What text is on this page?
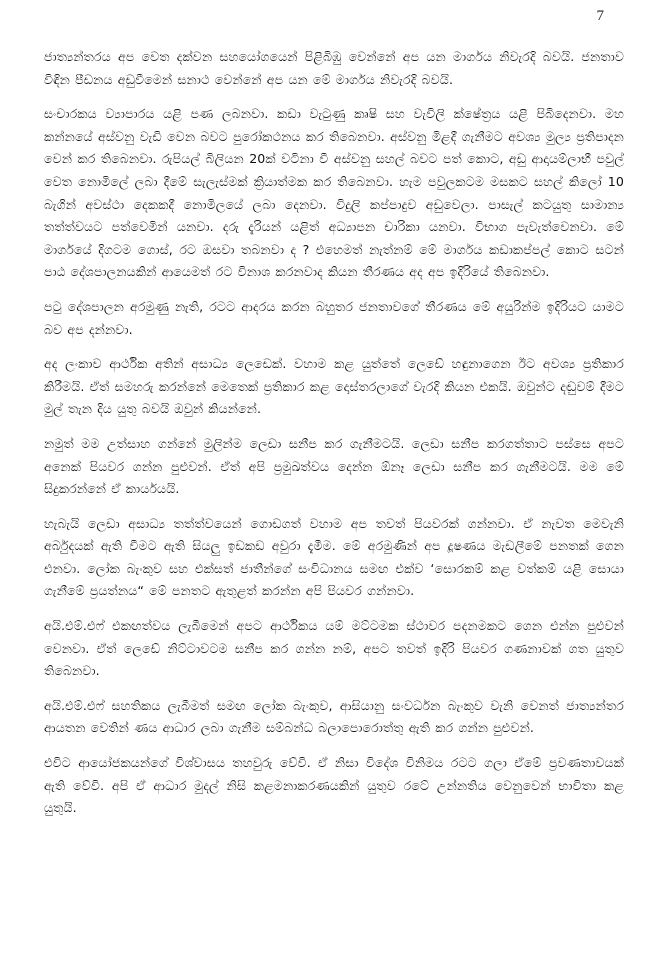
7

ජාත්‍යන්තරය අප වෙත දක්වන සහයෝගයෙන් පිළිබිඹු වෙන්නේ අප යන මාර්ගය නිවැරදි බවයි. ජනතාව විඳින පීඩනය අඩුවීමෙන් සනාථ වෙන්නේ අප යන මේ මාර්ගය නිවැරදි බවයි.

සංචාරකය ව්‍යාපාරය යළි පණ ලබනවා. කඩා වැටුණු කෘෂි සහ වැවිලි ක්ෂේත්‍රය යළි පිබිදෙනවා. මහ කන්නයේ අස්වනු වැඩි වෙන බවට පුරෝකථනය කර තිබෙනවා. අස්වනු මිළදී ගැනීමට අවශ්‍ය මුල්‍ය ප්‍රතිපාදන වෙන් කර තිබෙනවා. රුපියල් බිලියන 20ක් වටිනා වී අස්වනු සහල් බවට පත් කොට, අඩු ආදායම්ලාභී පවුල් වෙත නොමිලේ ලබා දීමේ සැලැස්මක් ක්‍රියාත්මක කර තිබෙනවා. හැම පවුලකටම මසකට සහල් කිලෝ 10 බැගින් අවස්ථා දෙකකදී නොමිලයේ ලබා දෙනවා. විදුලි කප්පාදුව අඩුවෙලා. පාසැල් කටයුතු සාමාන්‍ය තත්ත්වයට පත්වෙමින් යනවා. දරු දැරියන් යළිත් අධ්‍යාපන චාරිකා යනවා. විභාග පැවැත්වෙනවා. මේ මාර්ගයේ දිගටම ගොස්, රට ඔසවා තබනවා ද ? එහෙමත් නැත්නම් මේ මාර්ගය කඩාකප්පල් කොට සටන් පාඨ දේශපාලනයකින් ආයෙමත් රට විනාශ කරනවාද කියන තීරණය අද අප ඉදිරියේ තිබෙනවා.

පටු දේශපාලන අරමුණු නැති, රටට ආදරය කරන බහුතර ජනතාවගේ තීරණය මේ අයුරින්ම ඉදිරියට යාමට බව අප දන්නවා.

අද ලංකාව ආර්ථික අතින් අසාධ්‍ය ලෙඩෙක්. වහාම කළ යුත්තේ ලෙඩේ හඳුනාගෙන ඊට අවශ්‍ය ප්‍රතිකාර කිරීමයි. ඒත් සමහරු කරන්නේ මෙතෙක් ප්‍රතිකාර කළ දොස්තරලාගේ වැරදි කියන එකයි. ඔවුන්ට දඬුවම් දීමට මුල් තැන දිය යුතු බවයි ඔවුන් කියන්නේ.

නමුත් මම උත්සාහ ගන්නේ මුලින්ම ලෙඩා සනීප කර ගැනීමටයි. ලෙඩා සනීප කරගත්තාට පස්සෙ අපට අනෙක් පියවර ගන්න පුළුවන්. ඒත් අපි ප්‍රමුඛත්වය දෙන්න ඕනෑ ලෙඩා සනීප කර ගැනීමටයි. මම මේ සිදුකරන්නේ ඒ කාර්යයයි.

හැබැයි ලෙඩා අසාධ්‍ය තත්ත්වයෙන් ගොඩගත් වහාම අප තවත් පියවරක් ගන්නවා. ඒ නැවත මෙවැනි අර්බුදයක් ඇති වීමට ඇති සියලු ඉඩකඩ අවුරා දැමීම. මේ අරමුණින් අප දූෂණය මැඩලීමේ පනතක් ගෙන එනවා. ලෝක බැංකුව සහ එක්සත් ජාතීන්ගේ සංවිධානය සමඟ එක්ව ‘සොරකම් කළ වත්කම් යළි සොයා ගැනීමේ ප්‍රයත්නය“ මේ පනතට ඇතුළත් කරන්න අපි පියවර ගන්නවා.

අයි.එම්.එෆ් එකඟත්වය ලැබීමෙන් අපට ආර්ථිකය යම් මට්ටමක ස්ථාවර පදනමකට ගෙන එන්න පුළුවන් වෙනවා. ඒත් ලෙඩේ නිට්ටාවටම සනීප කර ගන්න නම්, අපට තවත් ඉදිරි පියවර ගණනාවක් ගත යුතුව තිබෙනවා.

අයි.එම්.එෆ් සහතිකය ලැබීමත් සමඟ ලෝක බැංකුව, ආසියානු සංවර්ධන බැංකුව වැනි වෙනත් ජාත්‍යන්තර ආයතන වෙතින් ණය ආධාර ලබා ගැනීම සම්බන්ධ බලාපොරොත්තු ඇති කර ගන්න පුළුවන්.

එවිට ආයෝජකයන්ගේ විශ්වාසය තහවුරු වේවි. ඒ නිසා විදේශ විනිමය රටට ගලා ඒමේ ප්‍රවණතාවයක් ඇති වේවි. අපි ඒ ආධාර මුදල් නිසි කළමනාකරණයකින් යුතුව රටේ උන්නතිය වෙනුවෙන් භාවිතා කළ යුතුයි.
